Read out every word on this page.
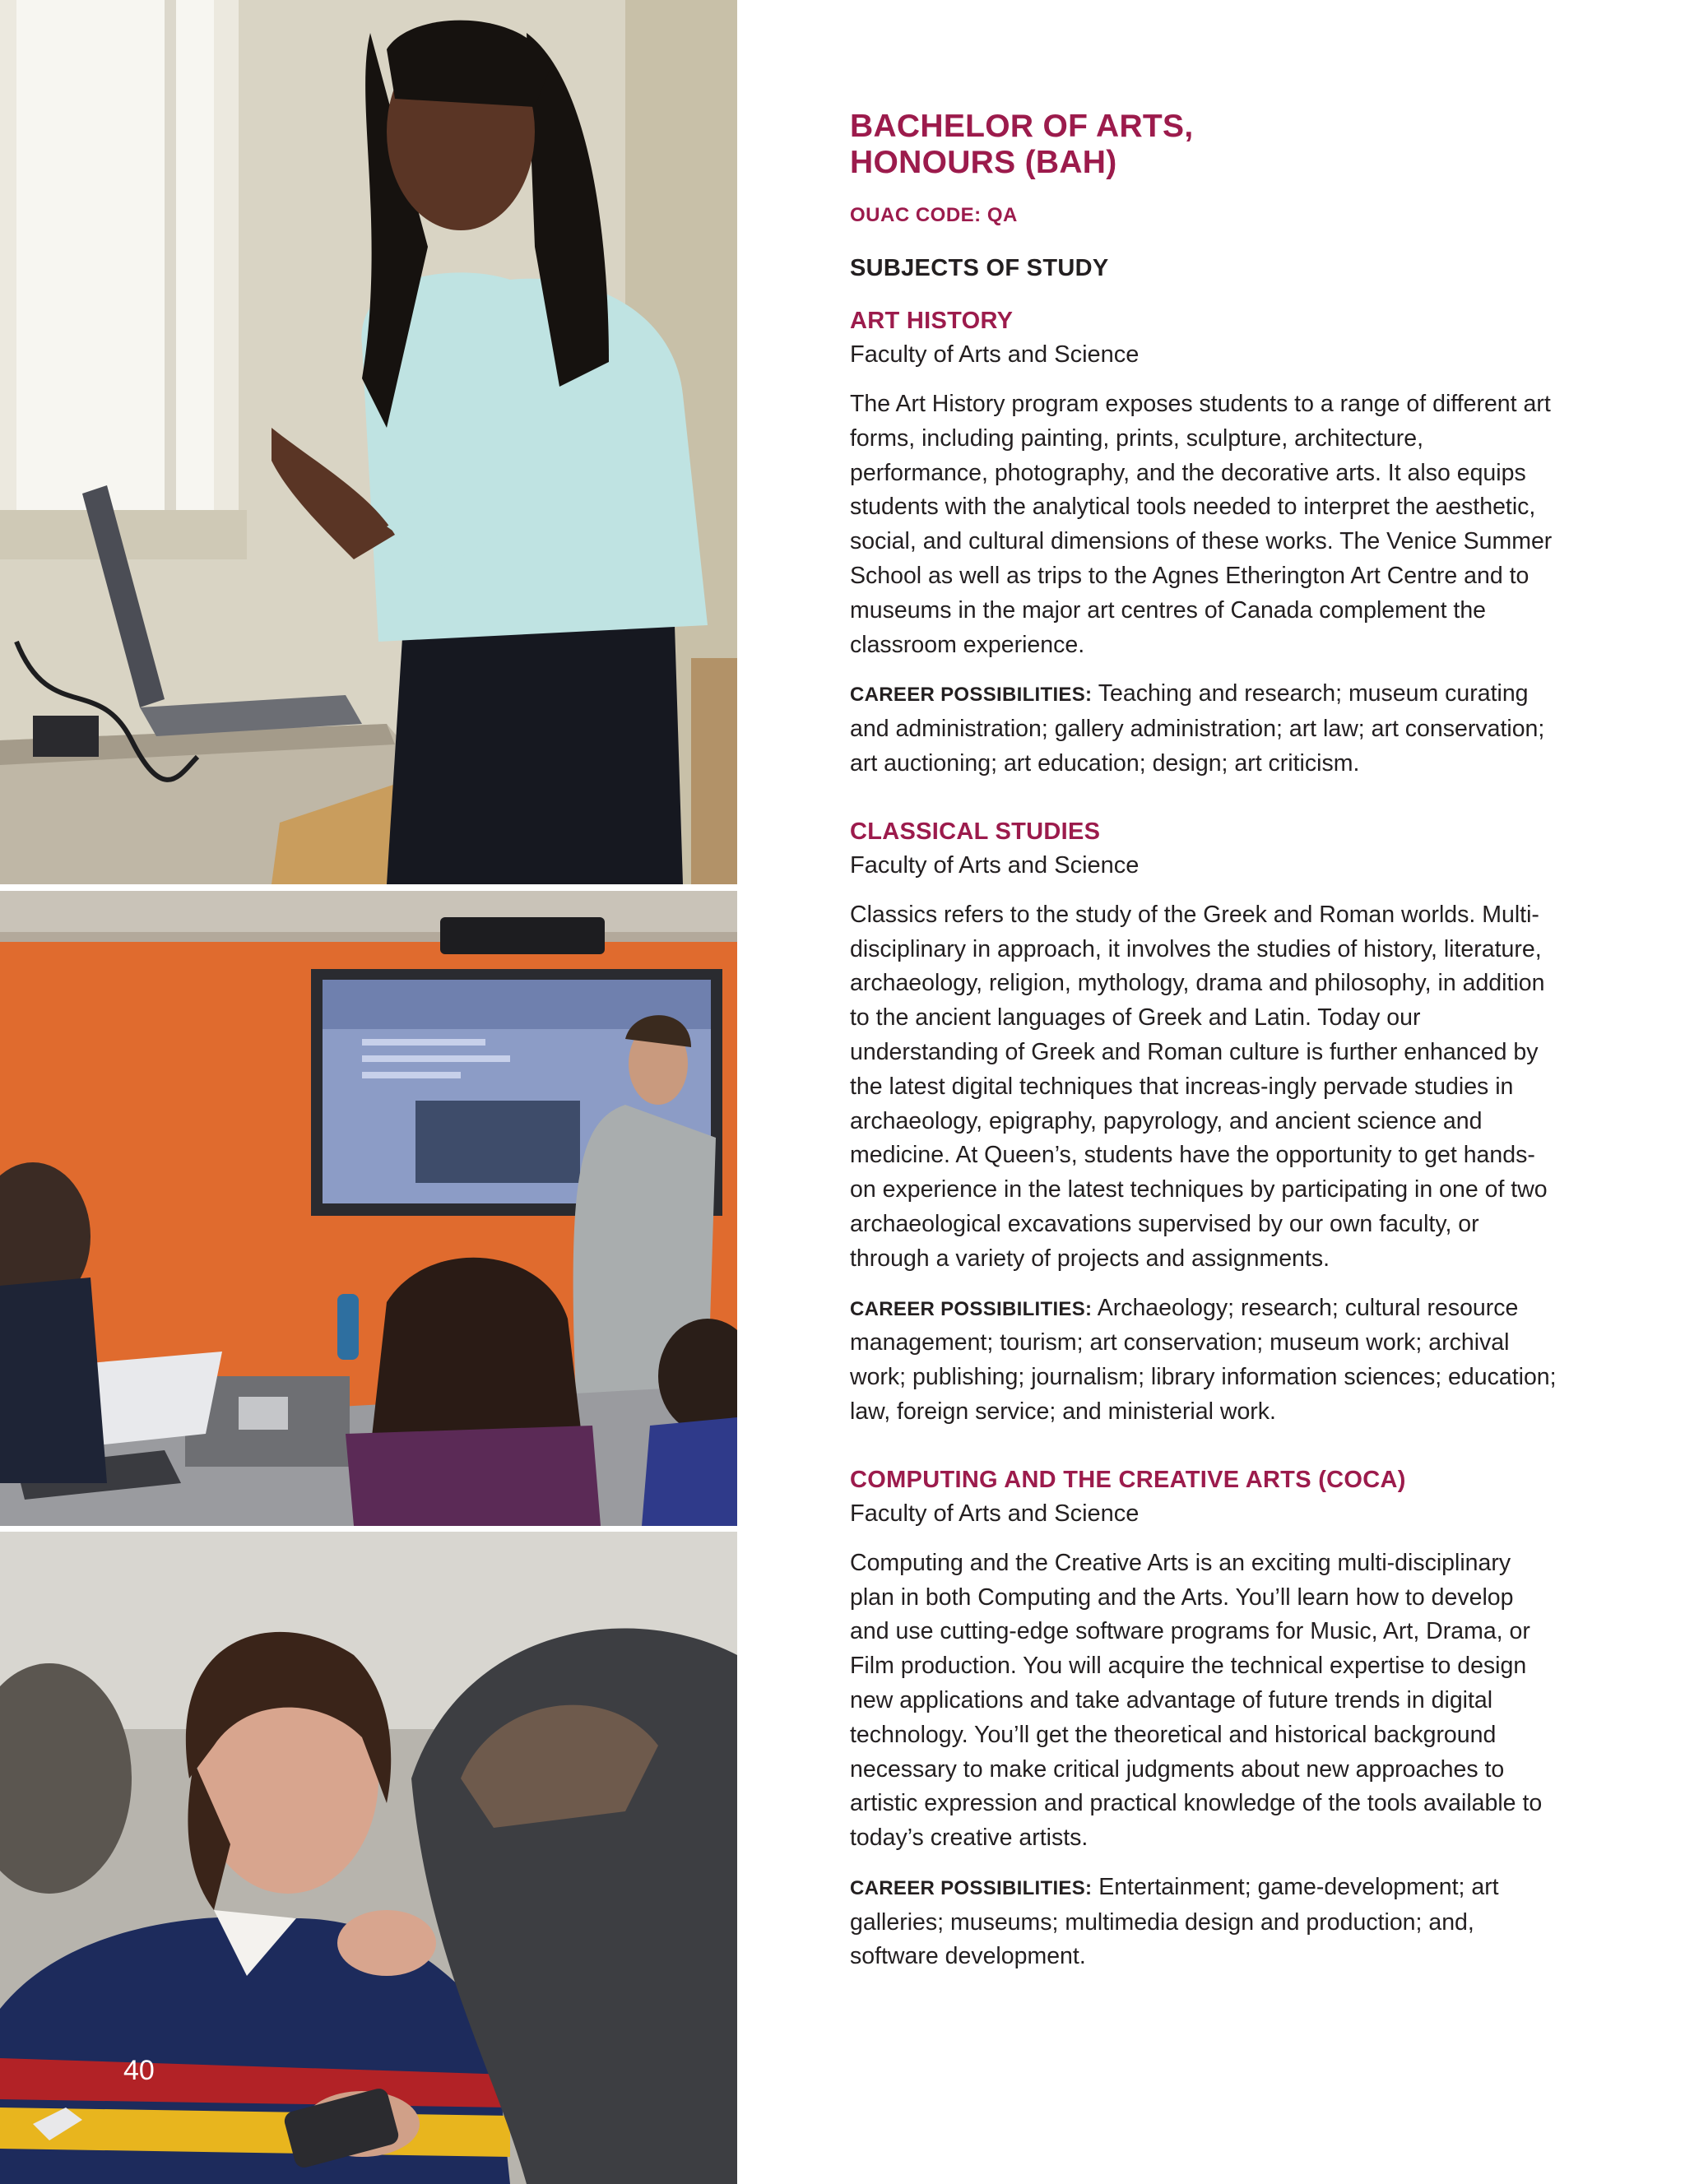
40
BACHELOR OF ARTS,
HONOURS (BAH)
OUAC CODE: QA
SUBJECTS OF STUDY
ART HISTORY
Faculty of Arts and Science

The Art History program exposes students to a range of different art forms, including painting, prints, sculpture, architecture, performance, photography, and the decorative arts. It also equips students with the analytical tools needed to interpret the aesthetic, social, and cultural dimensions of these works. The Venice Summer School as well as trips to the Agnes Etherington Art Centre and to museums in the major art centres of Canada complement the classroom experience.

CAREER POSSIBILITIES: Teaching and research; museum curating and administration; gallery administration; art law; art conservation; art auctioning; art education; design; art criticism.

CLASSICAL STUDIES
Faculty of Arts and Science

Classics refers to the study of the Greek and Roman worlds. Multi-disciplinary in approach, it involves the studies of history, literature, archaeology, religion, mythology, drama and philosophy, in addition to the ancient languages of Greek and Latin. Today our understanding of Greek and Roman culture is further enhanced by the latest digital techniques that increas-ingly pervade studies in archaeology, epigraphy, papyrology, and ancient science and medicine. At Queen’s, students have the opportunity to get hands-on experience in the latest techniques by participating in one of two archaeological excavations supervised by our own faculty, or through a variety of projects and assignments.

CAREER POSSIBILITIES: Archaeology; research; cultural resource management; tourism; art conservation; museum work; archival work; publishing; journalism; library information sciences; education; law, foreign service; and ministerial work.

COMPUTING AND THE CREATIVE ARTS (COCA)
Faculty of Arts and Science

Computing and the Creative Arts is an exciting multi-disciplinary plan in both Computing and the Arts. You’ll learn how to develop and use cutting-edge software programs for Music, Art, Drama, or Film production. You will acquire the technical expertise to design new applications and take advantage of future trends in digital technology. You’ll get the theoretical and historical background necessary to make critical judgments about new approaches to artistic expression and practical knowledge of the tools available to today’s creative artists.

CAREER POSSIBILITIES: Entertainment; game-development; art galleries; museums; multimedia design and production; and, software development.
